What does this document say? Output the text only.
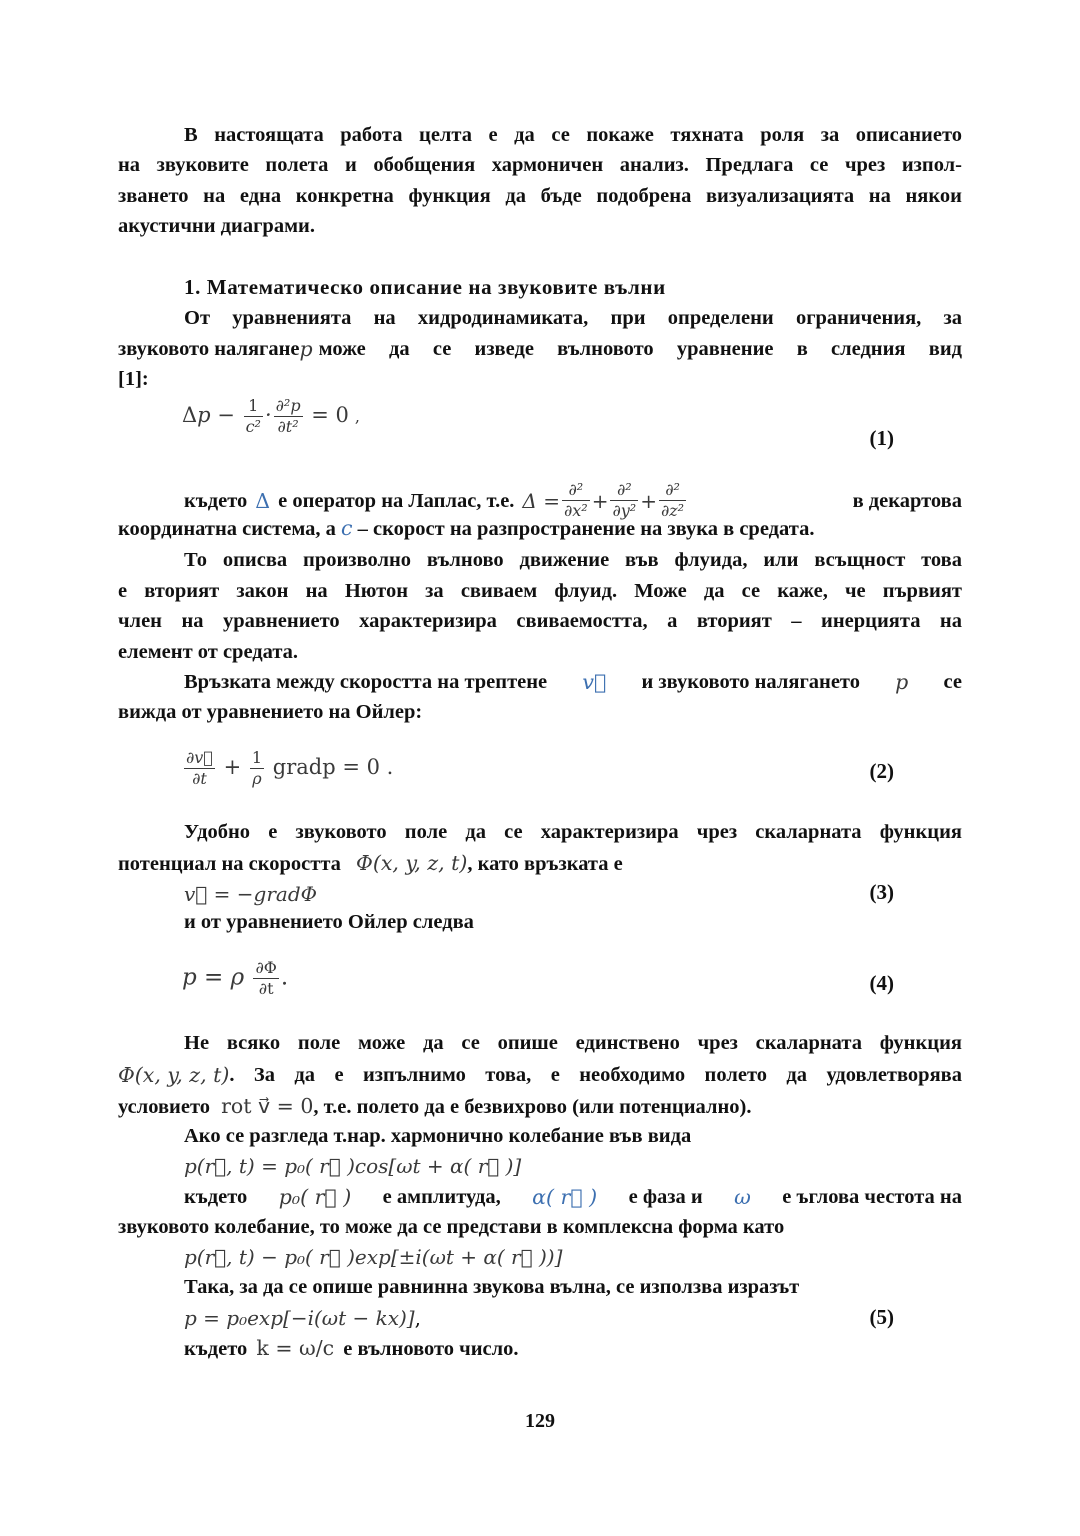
В настоящата работа целта е да се покаже тяхната роля за описанието
на звуковите полета и обобщения хармоничен анализ. Предлага се чрез изпол-
зването на една конкретна функция да бъде подобрена визуализацията на някои
акустични диаграми.
1. Математическо описание на звуковите вълни
От уравненията на хидродинамиката, при определени ограничения, за
звуковото налягане p може да се изведе вълновото уравнение в следния вид
[1]:
$\Delta p - \frac{1}{\text{c²}} \cdot \frac{\text{∂²p}}{\text{∂t²}} = 0$ ,
(1)
където Δ е оператор на Лаплас, т.е. $\Delta = \frac{\text{∂²}}{\text{∂x²}} + \frac{\text{∂²}}{\text{∂y²}} + \frac{\text{∂²}}{\text{∂z²}}$	в декартова
координатна система, а c – скорост на разпространение на звука в средата.
То описва произволно вълново движение във флуида, или всъщност това
е вторият закон на Нютон за свиваем флуид. Може да се каже, че първият
член на уравнението характеризира свиваемостта, а вторият – инерцията на
елемент от средата.
Връзката между скоростта на трептене v⃗ и звуковото налягането p се
вижда от уравнението на Ойлер:
$\frac{\partial v⃗}{\partial t} + \frac{1}{\rho}$ gradp = 0 .	(2)
Удобно е звуковото поле да се характеризира чрез скаларната функция
потенциал на скоростта Φ(x, y, z, t), като връзката е
v⃗ = −gradΦ	(3)
и от уравнението Ойлер следва
p = ρ $\frac{\partial\Phi}{\partial t}$ .	(4)
Не всяко поле може да се опише единствено чрез скаларната функция
Φ(x, y, z, t) . За да е изпълнимо това, е необходимо полето да удовлетворява
условието rot v⃗ = 0, т.е. полето да е безвихрово (или потенциално).
Ако се разгледа т.нар. хармонично колебание във вида
p(r⃗, t) = p₀( r⃗ )cos[ωt + α( r⃗ )]
където p₀( r⃗ ) е амплитуда, α( r⃗ ) е фаза и ω е ъглова честота на
звуковото колебание, то може да се представи в комплексна форма като
p(r⃗, t) − p₀( r⃗ )exp[±i(ωt + α( r⃗ ))]
Така, за да се опише равнинна звукова вълна, се използва изразът
p = p₀exp[−i(ωt − kx)],	(5)
където k = ω/c е вълновото число.
129
